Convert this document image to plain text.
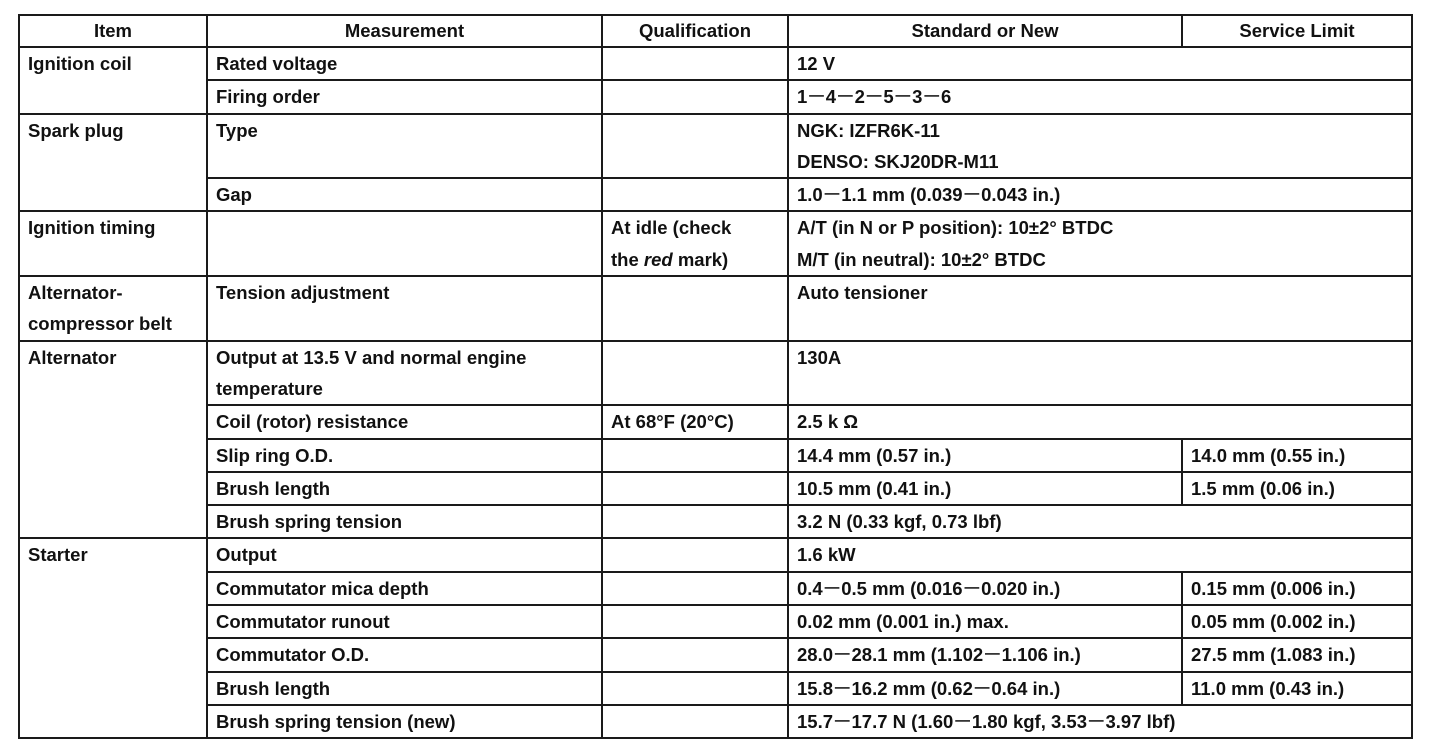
Item	Measurement	Qualification	Standard or New	Service Limit
Ignition coil	Rated voltage		12 V	
	Firing order		1－4－2－5－3－6	
Spark plug	Type		NGK: IZFR6K-11
DENSO: SKJ20DR-M11	

	Gap		1.0－1.1 mm (0.039－0.043 in.)	
Ignition timing		At idle (check
the red mark)	A/T (in N or P position): 10±2° BTDC
M/T (in neutral): 10±2° BTDC	

Alternator-
compressor belt	Tension adjustment		Auto tensioner	
Alternator	Output at 13.5 V and normal engine
temperature		130A	
	Coil (rotor) resistance	At 68°F (20°C)	2.5 k Ω	
	Slip ring O.D.		14.4 mm (0.57 in.)	14.0 mm (0.55 in.)
	Brush length		10.5 mm (0.41 in.)	1.5 mm (0.06 in.)
	Brush spring tension		3.2 N (0.33 kgf, 0.73 lbf)	
Starter	Output		1.6 kW	
	Commutator mica depth		0.4－0.5 mm (0.016－0.020 in.)	0.15 mm (0.006 in.)
	Commutator runout		0.02 mm (0.001 in.) max.	0.05 mm (0.002 in.)
	Commutator O.D.		28.0－28.1 mm (1.102－1.106 in.)	27.5 mm (1.083 in.)
	Brush length		15.8－16.2 mm (0.62－0.64 in.)	11.0 mm (0.43 in.)
	Brush spring tension (new)		15.7－17.7 N (1.60－1.80 kgf, 3.53－3.97 lbf)	
